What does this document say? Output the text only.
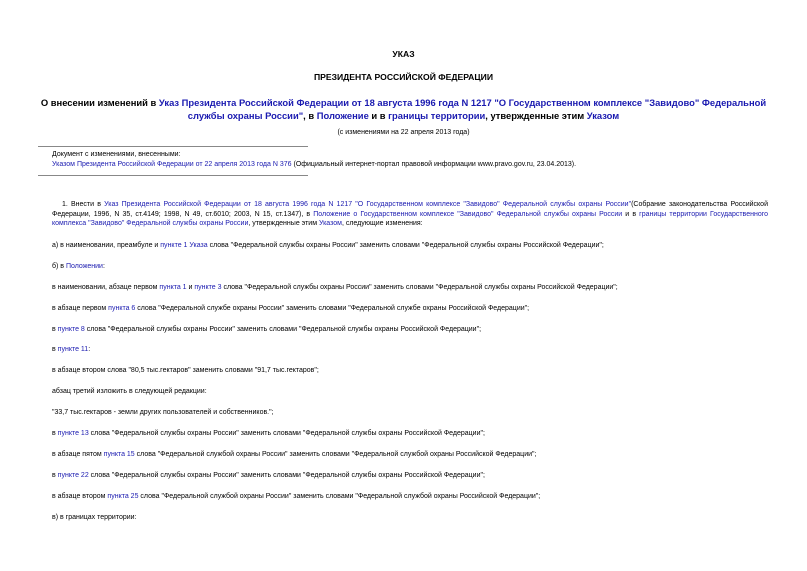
УКАЗ
ПРЕЗИДЕНТА РОССИЙСКОЙ ФЕДЕРАЦИИ
О внесении изменений в Указ Президента Российской Федерации от 18 августа 1996 года N 1217 "О Государственном комплексе "Завидово" Федеральной службы охраны России", в Положение и в границы территории, утвержденные этим Указом
(с изменениями на 22 апреля 2013 года)
Документ с изменениями, внесенными:
Указом Президента Российской Федерации от 22 апреля 2013 года N 376 (Официальный интернет-портал правовой информации www.pravo.gov.ru, 23.04.2013).
1. Внести в Указ Президента Российской Федерации от 18 августа 1996 года N 1217 "О Государственном комплексе "Завидово" Федеральной службы охраны России"(Собрание законодательства Российской Федерации, 1996, N 35, ст.4149; 1998, N 49, ст.6010; 2003, N 15, ст.1347), в Положение о Государственном комплексе "Завидово" Федеральной службы охраны России и в границы территории Государственного комплекса "Завидово" Федеральной службы охраны России, утвержденные этим Указом, следующие изменения:
а) в наименовании, преамбуле и пункте 1 Указа слова "Федеральной службы охраны России" заменить словами "Федеральной службы охраны Российской Федерации";
б) в Положении:
в наименовании, абзаце первом пункта 1 и пункте 3 слова "Федеральной службы охраны России" заменить словами "Федеральной службы охраны Российской Федерации";
в абзаце первом пункта 6 слова "Федеральной службе охраны России" заменить словами "Федеральной службе охраны Российской Федерации";
в пункте 8 слова "Федеральной службы охраны России" заменить словами "Федеральной службы охраны Российской Федерации";
в пункте 11:
в абзаце втором слова "80,5 тыс.гектаров" заменить словами "91,7 тыс.гектаров";
абзац третий изложить в следующей редакции:
"33,7 тыс.гектаров - земли других пользователей и собственников.";
в пункте 13 слова "Федеральной службы охраны России" заменить словами "Федеральной службы охраны Российской Федерации";
в абзаце пятом пункта 15 слова "Федеральной службой охраны России" заменить словами "Федеральной службой охраны Российской Федерации";
в пункте 22 слова "Федеральной службы охраны России" заменить словами "Федеральной службы охраны Российской Федерации";
в абзаце втором пункта 25 слова "Федеральной службой охраны России" заменить словами "Федеральной службой охраны Российской Федерации";
в) в границах территории:
